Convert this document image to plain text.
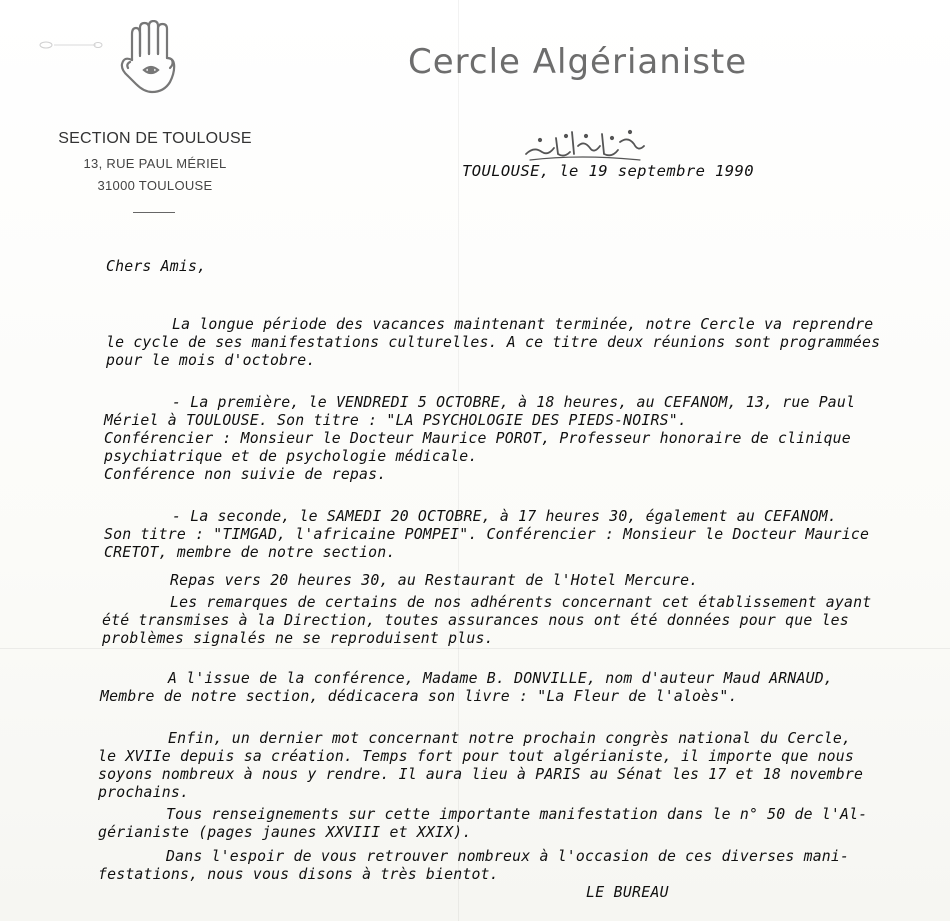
SECTION DE TOULOUSE
13, RUE PAUL MÉRIEL
31000 TOULOUSE
Cercle Algérianiste
TOULOUSE, le 19 septembre 1990
Chers Amis,
La longue période des vacances maintenant terminée, notre Cercle va reprendre
le cycle de ses manifestations culturelles. A ce titre deux réunions sont programmées
pour le mois d'octobre.
- La première, le VENDREDI 5 OCTOBRE, à 18 heures, au CEFANOM, 13, rue Paul
Mériel à TOULOUSE. Son titre : "LA PSYCHOLOGIE DES PIEDS-NOIRS".
Conférencier : Monsieur le Docteur Maurice POROT, Professeur honoraire de clinique
psychiatrique et de psychologie médicale.
Conférence non suivie de repas.
- La seconde, le SAMEDI 20 OCTOBRE, à 17 heures 30, également au CEFANOM.
Son titre : "TIMGAD, l'africaine POMPEI". Conférencier : Monsieur le Docteur Maurice
CRETOT, membre de notre section.
Repas vers 20 heures 30, au Restaurant de l'Hotel Mercure.
Les remarques de certains de nos adhérents concernant cet établissement ayant
été transmises à la Direction, toutes assurances nous ont été données pour que les
problèmes signalés ne se reproduisent plus.
A l'issue de la conférence, Madame B. DONVILLE, nom d'auteur Maud ARNAUD,
Membre de notre section, dédicacera son livre : "La Fleur de l'aloès".
Enfin, un dernier mot concernant notre prochain congrès national du Cercle,
le XVIIe depuis sa création. Temps fort pour tout algérianiste, il importe que nous
soyons nombreux à nous y rendre. Il aura lieu à PARIS au Sénat les 17 et 18 novembre
prochains.
Tous renseignements sur cette importante manifestation dans le n° 50 de l'Al-
gérianiste (pages jaunes XXVIII et XXIX).
Dans l'espoir de vous retrouver nombreux à l'occasion de ces diverses mani-
festations, nous vous disons à très bientot.
LE BUREAU
